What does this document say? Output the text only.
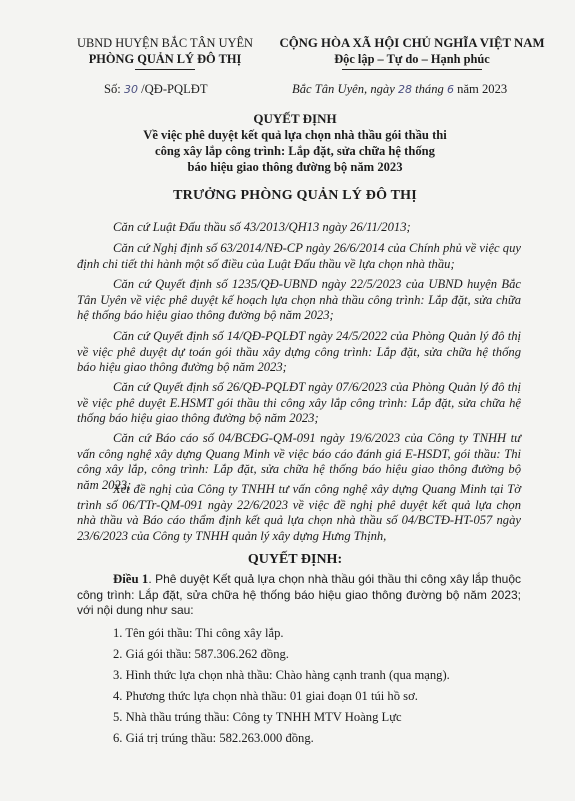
UBND HUYỆN BẮC TÂN UYÊN
PHÒNG QUẢN LÝ ĐÔ THỊ
CỘNG HÒA XÃ HỘI CHỦ NGHĨA VIỆT NAM
Độc lập – Tự do – Hạnh phúc
Số: 30 /QĐ-PQLĐT	Bắc Tân Uyên, ngày 28 tháng 6 năm 2023
QUYẾT ĐỊNH
Về việc phê duyệt kết quả lựa chọn nhà thầu gói thầu thi
công xây lắp công trình: Lắp đặt, sửa chữa hệ thống
báo hiệu giao thông đường bộ năm 2023
TRƯỞNG PHÒNG QUẢN LÝ ĐÔ THỊ

Căn cứ Luật Đấu thầu số 43/2013/QH13 ngày 26/11/2013;

Căn cứ Nghị định số 63/2014/NĐ-CP ngày 26/6/2014 của Chính phủ về việc quy định chi tiết thi hành một số điều của Luật Đấu thầu về lựa chọn nhà thầu;

Căn cứ Quyết định số 1235/QĐ-UBND ngày 22/5/2023 của UBND huyện Bắc Tân Uyên về việc phê duyệt kế hoạch lựa chọn nhà thầu công trình: Lắp đặt, sửa chữa hệ thống báo hiệu giao thông đường bộ năm 2023;

Căn cứ Quyết định số 14/QĐ-PQLĐT ngày 24/5/2022 của Phòng Quản lý đô thị về việc phê duyệt dự toán gói thầu xây dựng công trình: Lắp đặt, sửa chữa hệ thống báo hiệu giao thông đường bộ năm 2023;

Căn cứ Quyết định số 26/QĐ-PQLĐT ngày 07/6/2023 của Phòng Quản lý đô thị về việc phê duyệt E.HSMT gói thầu thi công xây lắp công trình: Lắp đặt, sửa chữa hệ thống báo hiệu giao thông đường bộ năm 2023;

Căn cứ Báo cáo số 04/BCĐG-QM-091 ngày 19/6/2023 của Công ty TNHH tư vấn công nghệ xây dựng Quang Minh về việc báo cáo đánh giá E-HSDT, gói thầu: Thi công xây lắp, công trình: Lắp đặt, sửa chữa hệ thống báo hiệu giao thông đường bộ năm 2023;

Xét đề nghị của Công ty TNHH tư vấn công nghệ xây dựng Quang Minh tại Tờ trình số 06/TTr-QM-091 ngày 22/6/2023 về việc đề nghị phê duyệt kết quả lựa chọn nhà thầu và Báo cáo thẩm định kết quả lựa chọn nhà thầu số 04/BCTĐ-HT-057 ngày 23/6/2023 của Công ty TNHH quản lý xây dựng Hưng Thịnh,

QUYẾT ĐỊNH:

Điều 1. Phê duyệt Kết quả lựa chọn nhà thầu gói thầu thi công xây lắp thuộc công trình: Lắp đặt, sửa chữa hệ thống báo hiệu giao thông đường bộ năm 2023; với nội dung như sau:

1. Tên gói thầu: Thi công xây lắp.
2. Giá gói thầu: 587.306.262 đồng.
3. Hình thức lựa chọn nhà thầu: Chào hàng cạnh tranh (qua mạng).
4. Phương thức lựa chọn nhà thầu: 01 giai đoạn 01 túi hồ sơ.
5. Nhà thầu trúng thầu: Công ty TNHH MTV Hoàng Lực
6. Giá trị trúng thầu: 582.263.000 đồng.
